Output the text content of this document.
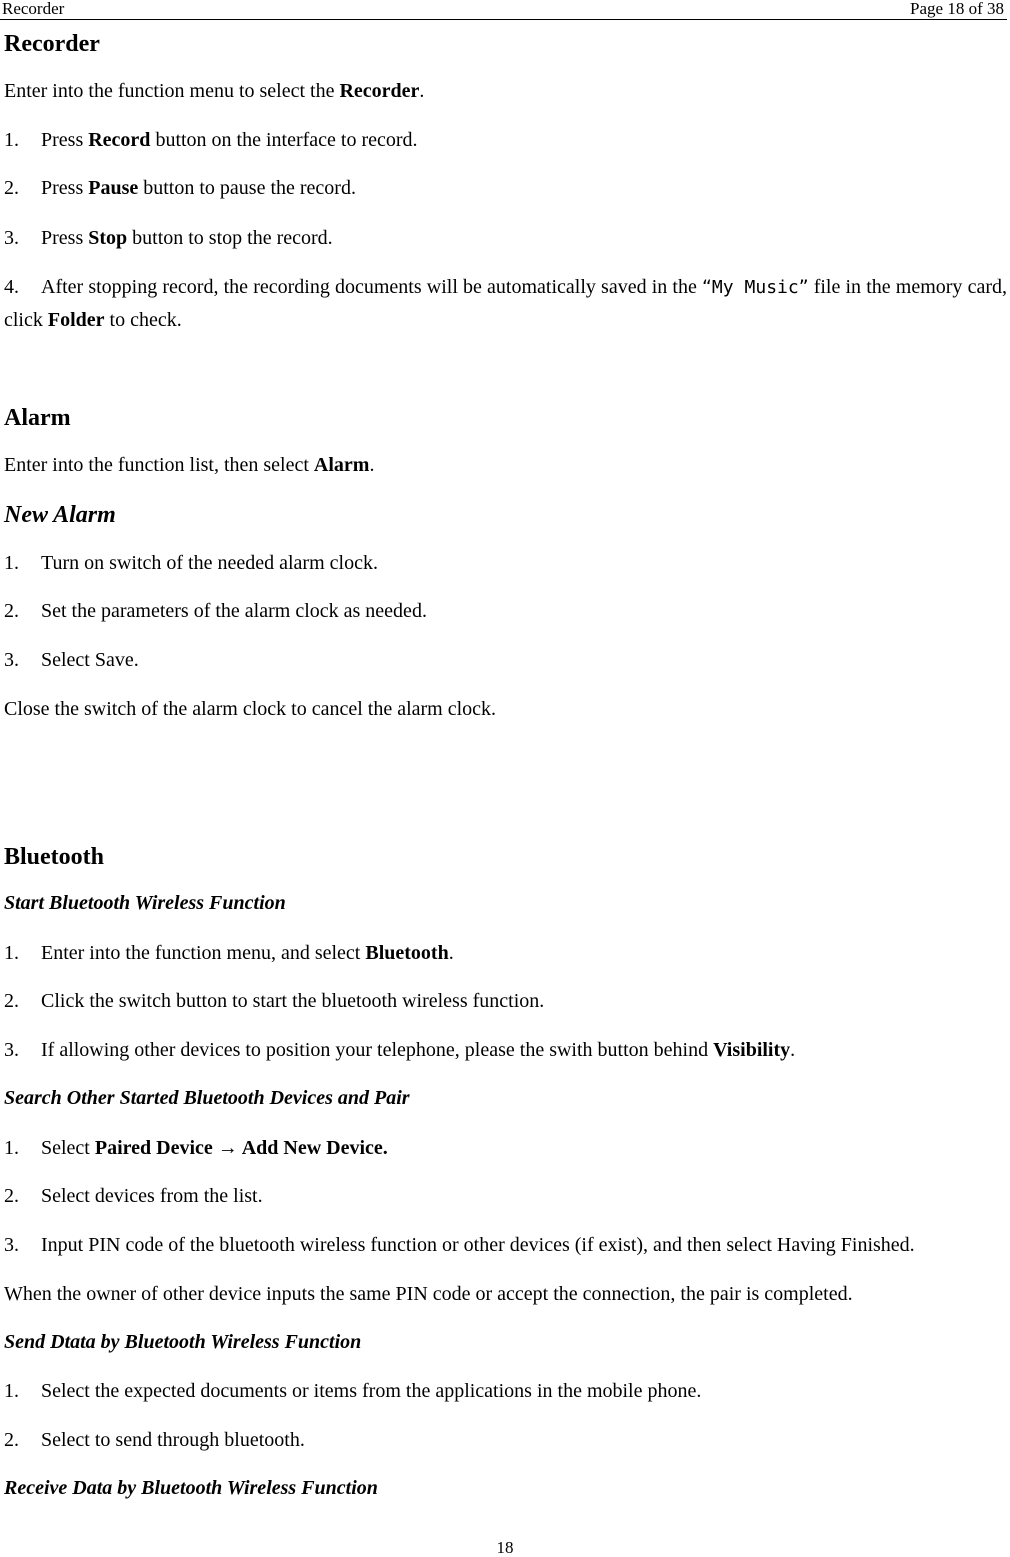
Recorder	Page 18 of 38
Recorder
Enter into the function menu to select the Recorder.
1. Press Record button on the interface to record.
2. Press Pause button to pause the record.
3. Press Stop button to stop the record.
4. After stopping record, the recording documents will be automatically saved in the “My Music” file in the memory card, click Folder to check.
Alarm
Enter into the function list, then select Alarm.
New Alarm
1. Turn on switch of the needed alarm clock.
2. Set the parameters of the alarm clock as needed.
3. Select Save.
Close the switch of the alarm clock to cancel the alarm clock.
Bluetooth
Start Bluetooth Wireless Function
1. Enter into the function menu, and select Bluetooth.
2. Click the switch button to start the bluetooth wireless function.
3. If allowing other devices to position your telephone, please the swith button behind Visibility.
Search Other Started Bluetooth Devices and Pair
1. Select Paired Device → Add New Device.
2. Select devices from the list.
3. Input PIN code of the bluetooth wireless function or other devices (if exist), and then select Having Finished.
When the owner of other device inputs the same PIN code or accept the connection, the pair is completed.
Send Dtata by Bluetooth Wireless Function
1. Select the expected documents or items from the applications in the mobile phone.
2. Select to send through bluetooth.
Receive Data by Bluetooth Wireless Function
18
